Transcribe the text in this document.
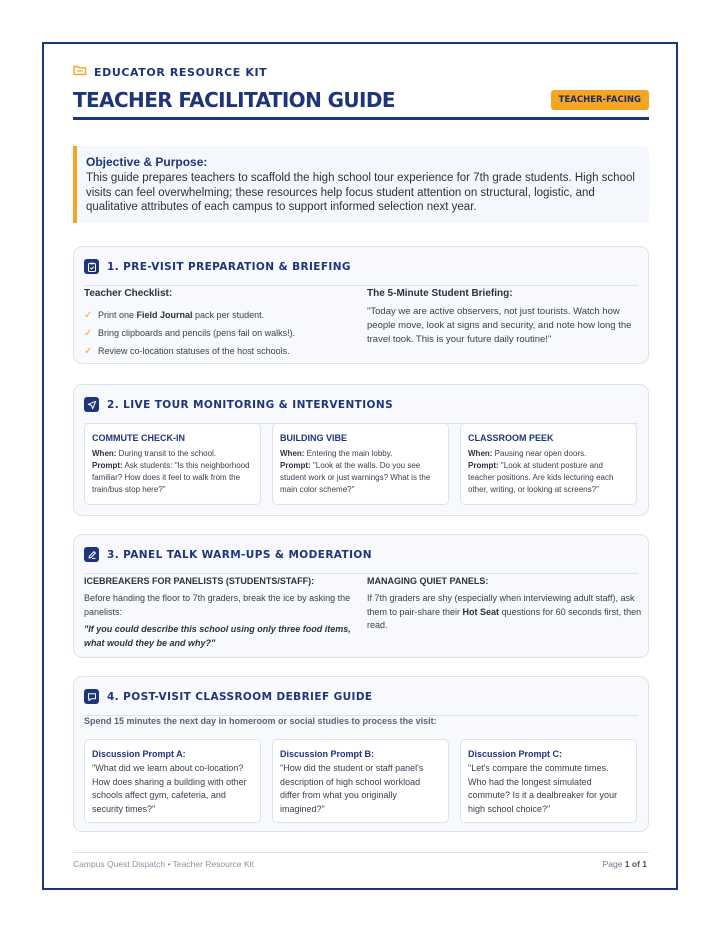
EDUCATOR RESOURCE KIT
TEACHER FACILITATION GUIDE	TEACHER-FACING
Objective & Purpose:
This guide prepares teachers to scaffold the high school tour experience for 7th grade students. High school visits can feel overwhelming; these resources help focus student attention on structural, logistic, and qualitative attributes of each campus to support informed selection next year.
1. PRE-VISIT PREPARATION & BRIEFING
Teacher Checklist:
✓ Print one Field Journal pack per student.
✓ Bring clipboards and pencils (pens fail on walks!).
✓ Review co-location statuses of the host schools.
The 5-Minute Student Briefing:
"Today we are active observers, not just tourists. Watch how people move, look at signs and security, and note how long the travel took. This is your future daily routine!"
2. LIVE TOUR MONITORING & INTERVENTIONS
COMMUTE CHECK-IN
When: During transit to the school.
Prompt: Ask students: "Is this neighborhood familiar? How does it feel to walk from the train/bus stop here?"
BUILDING VIBE
When: Entering the main lobby.
Prompt: "Look at the walls. Do you see student work or just warnings? What is the main color scheme?"
CLASSROOM PEEK
When: Pausing near open doors.
Prompt: "Look at student posture and teacher positions. Are kids lecturing each other, writing, or looking at screens?"
3. PANEL TALK WARM-UPS & MODERATION
ICEBREAKERS FOR PANELISTS (STUDENTS/STAFF):
Before handing the floor to 7th graders, break the ice by asking the panelists:
"If you could describe this school using only three food items, what would they be and why?"
MANAGING QUIET PANELS:
If 7th graders are shy (especially when interviewing adult staff), ask them to pair-share their Hot Seat questions for 60 seconds first, then read.
4. POST-VISIT CLASSROOM DEBRIEF GUIDE
Spend 15 minutes the next day in homeroom or social studies to process the visit:
Discussion Prompt A:
"What did we learn about co-location? How does sharing a building with other schools affect gym, cafeteria, and security times?"
Discussion Prompt B:
"How did the student or staff panel's description of high school workload differ from what you originally imagined?"
Discussion Prompt C:
"Let's compare the commute times. Who had the longest simulated commute? Is it a dealbreaker for your high school choice?"
Campus Quest Dispatch • Teacher Resource Kit	Page 1 of 1
